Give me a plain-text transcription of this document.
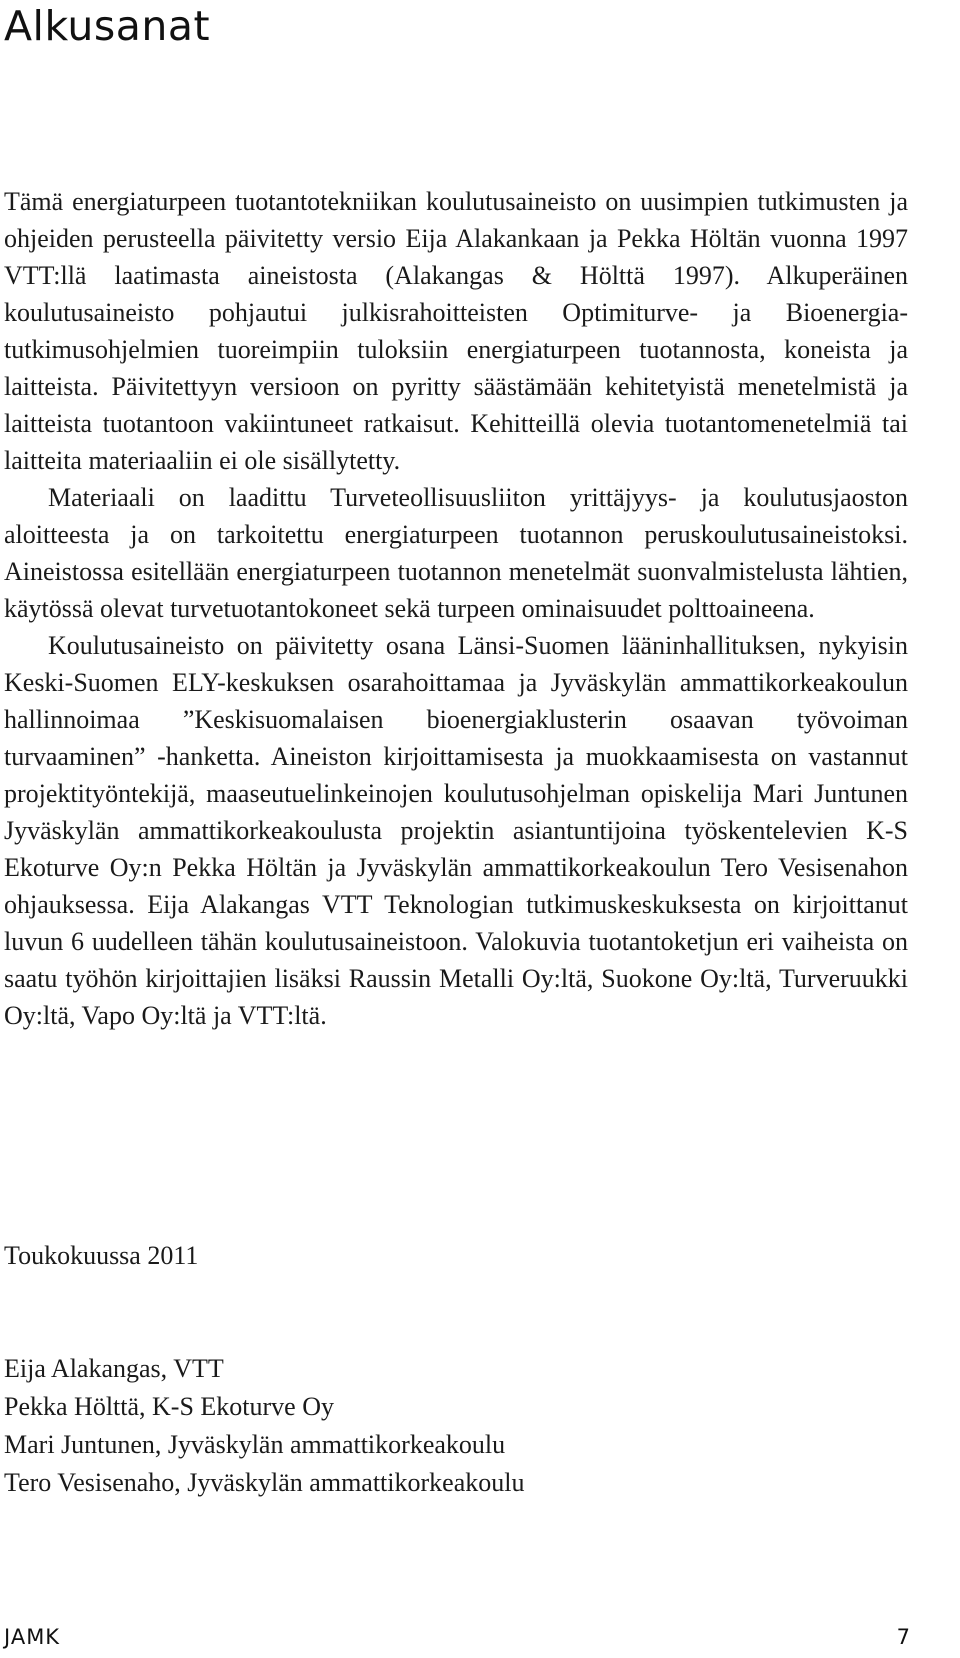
Alkusanat

Tämä energiaturpeen tuotantotekniikan koulutusaineisto on uusimpien tutkimusten ja ohjeiden perusteella päivitetty versio Eija Alakankaan ja Pekka Höltän vuonna 1997 VTT:llä laatimasta aineistosta (Alakangas & Hölttä 1997). Alkuperäinen koulutusaineisto pohjautui julkisrahoitteisten Optimiturve- ja Bioenergia-tutkimusohjelmien tuoreimpiin tuloksiin energiaturpeen tuotannosta, koneista ja laitteista. Päivitettyyn versioon on pyritty säästämään kehitetyistä menetelmistä ja laitteista tuotantoon vakiintuneet ratkaisut. Kehitteillä olevia tuotantomenetelmiä tai laitteita materiaaliin ei ole sisällytetty.

Materiaali on laadittu Turveteollisuusliiton yrittäjyys- ja koulutusjaoston aloitteesta ja on tarkoitettu energiaturpeen tuotannon peruskoulutusaineistoksi. Aineistossa esitellään energiaturpeen tuotannon menetelmät suonvalmistelusta lähtien, käytössä olevat turvetuotantokoneet sekä turpeen ominaisuudet polttoaineena.

Koulutusaineisto on päivitetty osana Länsi-Suomen lääninhallituksen, nykyisin Keski-Suomen ELY-keskuksen osarahoittamaa ja Jyväskylän ammattikorkeakoulun hallinnoimaa ”Keskisuomalaisen bioenergiaklusterin osaavan työvoiman turvaaminen” -hanketta. Aineiston kirjoittamisesta ja muokkaamisesta on vastannut projektityöntekijä, maaseutuelinkeinojen koulutusohjelman opiskelija Mari Juntunen Jyväskylän ammattikorkeakoulusta projektin asiantuntijoina työskentelevien K-S Ekoturve Oy:n Pekka Höltän ja Jyväskylän ammattikorkeakoulun Tero Vesisenahon ohjauksessa. Eija Alakangas VTT Teknologian tutkimuskeskuksesta on kirjoittanut luvun 6 uudelleen tähän koulutusaineistoon. Valokuvia tuotantoketjun eri vaiheista on saatu työhön kirjoittajien lisäksi Raussin Metalli Oy:ltä, Suokone Oy:ltä, Turveruukki Oy:ltä, Vapo Oy:ltä ja VTT:ltä.

Toukokuussa 2011

Eija Alakangas, VTT
Pekka Hölttä, K-S Ekoturve Oy
Mari Juntunen, Jyväskylän ammattikorkeakoulu
Tero Vesisenaho, Jyväskylän ammattikorkeakoulu
JAMK	7
